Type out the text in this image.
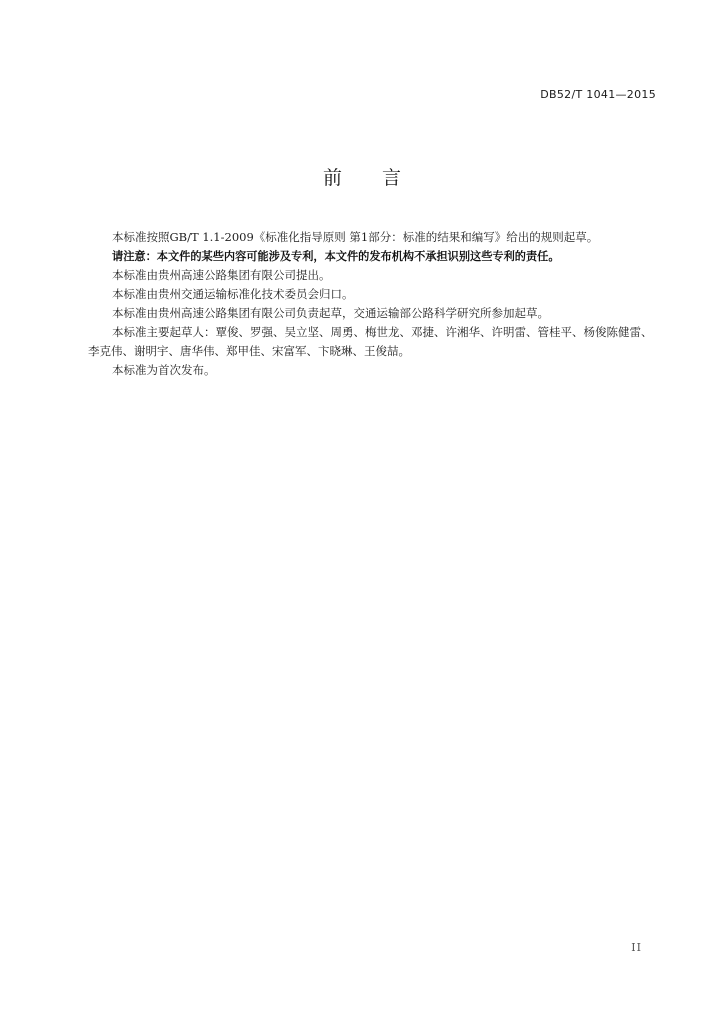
DB52/T 1041—2015
前 言

本标准按照GB/T 1.1-2009《标准化指导原则 第1部分：标准的结果和编写》给出的规则起草。

请注意：本文件的某些内容可能涉及专利，本文件的发布机构不承担识别这些专利的责任。

本标准由贵州高速公路集团有限公司提出。

本标准由贵州交通运输标准化技术委员会归口。

本标准由贵州高速公路集团有限公司负责起草，交通运输部公路科学研究所参加起草。

本标准主要起草人：覃俊、罗强、吴立坚、周勇、梅世龙、邓捷、许湘华、许明雷、管桂平、杨俊陈健雷、李克伟、谢明宇、唐华伟、郑甲佳、宋富军、卞晓琳、王俊喆。

本标准为首次发布。

II
